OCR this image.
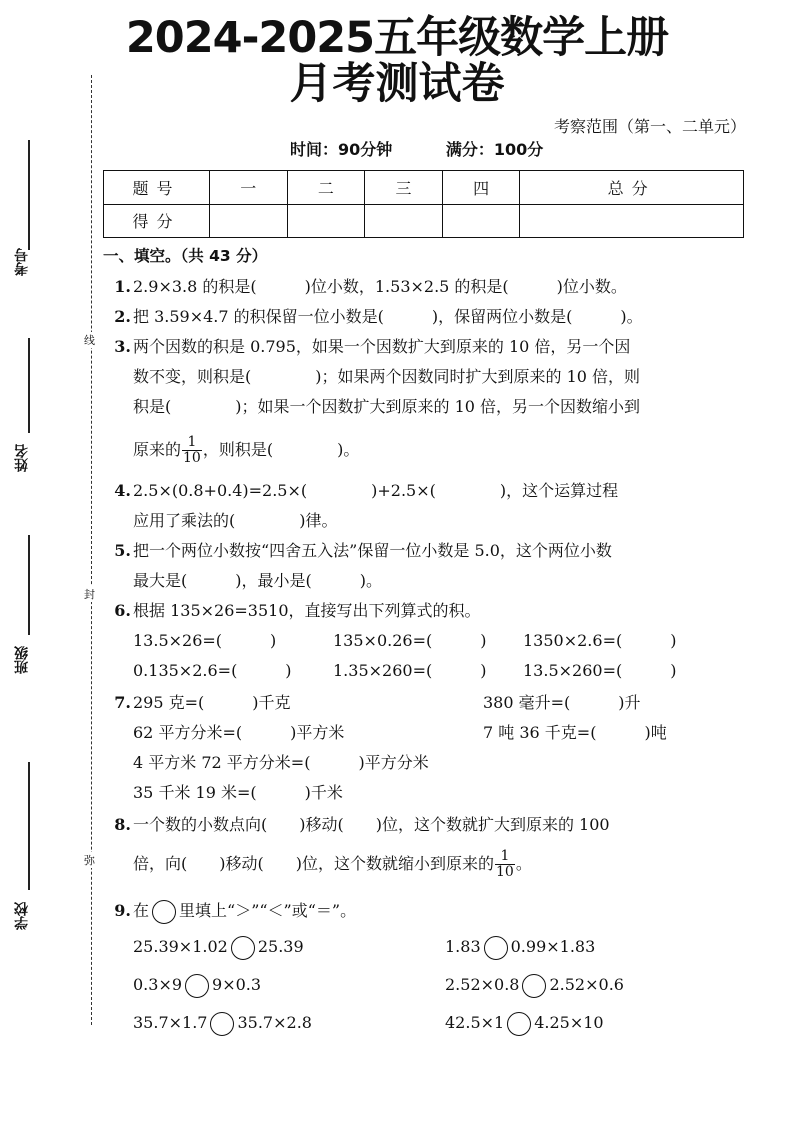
2024-2025五年级数学上册
月考测试卷
考察范围（第一、二单元）
时间：90分钟	满分：100分
题号	一	二	三	四	总分
得分					
考号
姓名
班级
学校
线
封
弥
一、填空。（共 43 分）
1. 2.9×3.8 的积是(　　　)位小数，1.53×2.5 的积是(　　　)位小数。
2. 把 3.59×4.7 的积保留一位小数是(　　　)，保留两位小数是(　　　)。
3. 两个因数的积是 0.795，如果一个因数扩大到原来的 10 倍，另一个因
数不变，则积是(　　　　)；如果两个因数同时扩大到原来的 10 倍，则
积是(　　　　)；如果一个因数扩大到原来的 10 倍，另一个因数缩小到
原来的 $\frac{1}{10}$ ，则积是(　　　　)。
4. 2.5×(0.8+0.4)=2.5×(　　　　)+2.5×(　　　　)，这个运算过程
应用了乘法的(　　　　)律。
5. 把一个两位小数按“四舍五入法”保留一位小数是 5.0，这个两位小数
最大是(　　　)，最小是(　　　)。
6. 根据 135×26=3510，直接写出下列算式的积。
13.5×26=(　　　)	135×0.26=(　　　)	1350×2.6=(　　　)
0.135×2.6=(　　　)	1.35×260=(　　　)	13.5×260=(　　　)
7. 295 克=(　　　)千克	380 毫升=(　　　)升
62 平方分米=(　　　)平方米	7 吨 36 千克=(　　　)吨
4 平方米 72 平方分米=(　　　)平方分米
35 千米 19 米=(　　　)千米
8. 一个数的小数点向(　　)移动(　　)位，这个数就扩大到原来的 100
倍，向(　　)移动(　　)位，这个数就缩小到原来的 $\frac{1}{10}$ 。
9. 在 里填上“＞”“＜”或“＝”。
25.39×1.02 25.39	1.83 0.99×1.83
0.3×9 9×0.3	2.52×0.8 2.52×0.6
35.7×1.7 35.7×2.8	42.5×1 4.25×10
